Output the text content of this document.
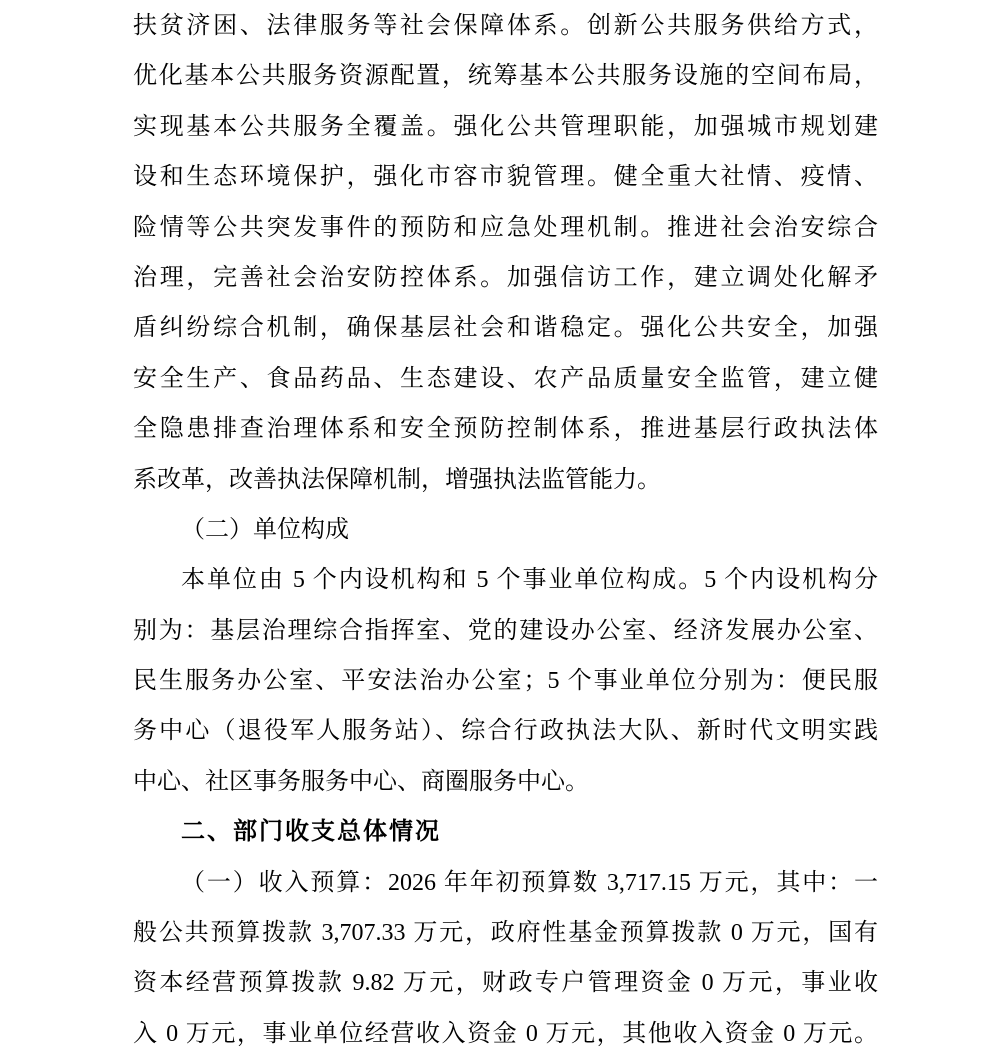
扶贫济困、法律服务等社会保障体系。创新公共服务供给方式，
优化基本公共服务资源配置，统筹基本公共服务设施的空间布局，
实现基本公共服务全覆盖。强化公共管理职能，加强城市规划建
设和生态环境保护，强化市容市貌管理。健全重大社情、疫情、
险情等公共突发事件的预防和应急处理机制。推进社会治安综合
治理，完善社会治安防控体系。加强信访工作，建立调处化解矛
盾纠纷综合机制，确保基层社会和谐稳定。强化公共安全，加强
安全生产、食品药品、生态建设、农产品质量安全监管，建立健
全隐患排查治理体系和安全预防控制体系，推进基层行政执法体
系改革，改善执法保障机制，增强执法监管能力。
（二）单位构成
本单位由 5 个内设机构和 5 个事业单位构成。5 个内设机构分
别为：基层治理综合指挥室、党的建设办公室、经济发展办公室、
民生服务办公室、平安法治办公室；5 个事业单位分别为：便民服
务中心（退役军人服务站）、综合行政执法大队、新时代文明实践
中心、社区事务服务中心、商圈服务中心。
二、部门收支总体情况
（一）收入预算：2026 年年初预算数 3,717.15 万元，其中：一
般公共预算拨款 3,707.33 万元，政府性基金预算拨款 0 万元，国有
资本经营预算拨款 9.82 万元，财政专户管理资金 0 万元，事业收
入 0 万元，事业单位经营收入资金 0 万元，其他收入资金 0 万元。
